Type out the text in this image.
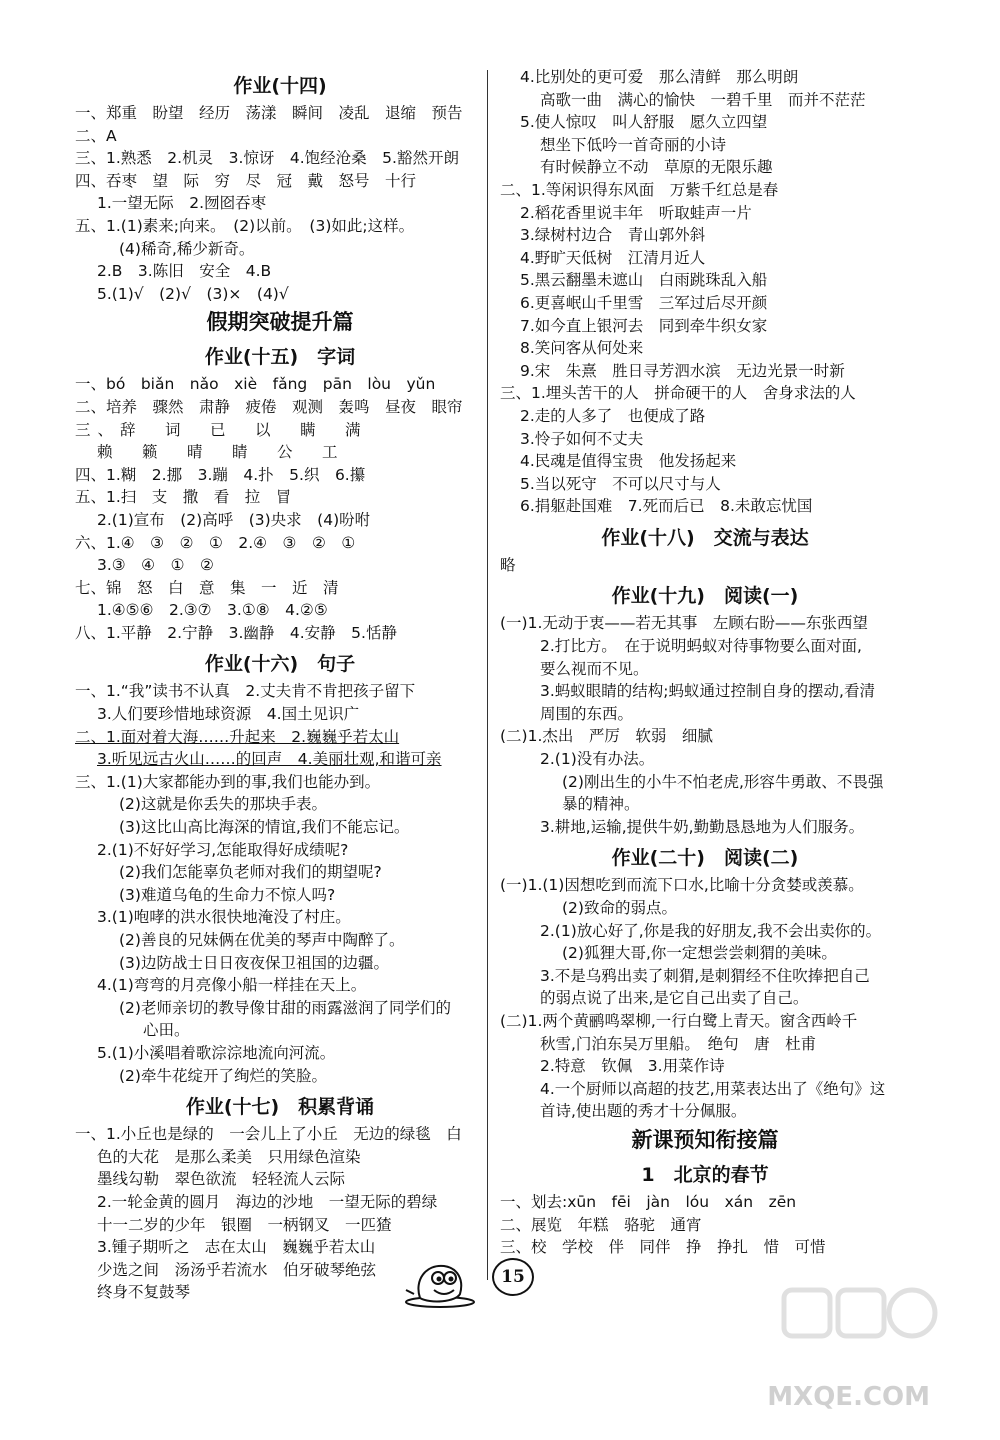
作业(十四)
一、郑重　盼望　经历　荡漾　瞬间　凌乱　退缩　预告
二、A
三、1.熟悉　2.机灵　3.惊讶　4.饱经沧桑　5.豁然开朗
四、吞枣　望　际　穷　尽　冠　戴　怒号　十行
1.一望无际　2.囫囵吞枣
五、1.(1)素来;向来。　(2)以前。　(3)如此;这样。
(4)稀奇,稀少新奇。
2.B　3.陈旧　安全　4.B
5.(1)√　(2)√　(3)×　(4)√
假期突破提升篇
作业(十五)　字词
一、bó　biǎn　nǎo　xiè　fǎng　pān　lòu　yǔn
二、培养　骤然　肃静　疲倦　观测　轰鸣　昼夜　眼帘
三、辞　词　已　以　瞒　满
赖　籁　晴　睛　公　工
四、1.糊　2.挪　3.蹦　4.扑　5.织　6.攥
五、1.扫　支　撒　看　拉　冒
2.(1)宣布　(2)高呼　(3)央求　(4)吩咐
六、1.④　③　②　①　2.④　③　②　①
3.③　④　①　②
七、锦　怒　白　意　集　一　近　清
1.④⑤⑥　2.③⑦　3.①⑧　4.②⑤
八、1.平静　2.宁静　3.幽静　4.安静　5.恬静
作业(十六)　句子
一、1.“我”读书不认真　2.丈夫肯不肯把孩子留下
3.人们要珍惜地球资源　4.国土见识广
二、1.面对着大海……升起来　2.巍巍乎若太山
3.听见远古火山……的回声　4.美丽壮观,和谐可亲
三、1.(1)大家都能办到的事,我们也能办到。
(2)这就是你丢失的那块手表。
(3)这比山高比海深的情谊,我们不能忘记。
2.(1)不好好学习,怎能取得好成绩呢?
(2)我们怎能辜负老师对我们的期望呢?
(3)难道乌龟的生命力不惊人吗?
3.(1)咆哮的洪水很快地淹没了村庄。
(2)善良的兄妹俩在优美的琴声中陶醉了。
(3)边防战士日日夜夜保卫祖国的边疆。
4.(1)弯弯的月亮像小船一样挂在天上。
(2)老师亲切的教导像甘甜的雨露滋润了同学们的
心田。
5.(1)小溪唱着歌淙淙地流向河流。
(2)牵牛花绽开了绚烂的笑脸。
作业(十七)　积累背诵
一、1.小丘也是绿的　一会儿上了小丘　无边的绿毯　白
色的大花　是那么柔美　只用绿色渲染
墨线勾勒　翠色欲流　轻轻流人云际
2.一轮金黄的圆月　海边的沙地　一望无际的碧绿
十一二岁的少年　银圈　一柄钢叉　一匹猹
3.锺子期听之　志在太山　巍巍乎若太山
少选之间　汤汤乎若流水　伯牙破琴绝弦
终身不复鼓琴
4.比别处的更可爱　那么清鲜　那么明朗
高歌一曲　满心的愉快　一碧千里　而并不茫茫
5.使人惊叹　叫人舒服　愿久立四望
想坐下低吟一首奇丽的小诗
有时候静立不动　草原的无限乐趣
二、1.等闲识得东风面　万紫千红总是春
2.稻花香里说丰年　听取蛙声一片
3.绿树村边合　青山郭外斜
4.野旷天低树　江清月近人
5.黑云翻墨未遮山　白雨跳珠乱入船
6.更喜岷山千里雪　三军过后尽开颜
7.如今直上银河去　同到牵牛织女家
8.笑问客从何处来
9.宋　朱熹　胜日寻芳泗水滨　无边光景一时新
三、1.埋头苦干的人　拼命硬干的人　舍身求法的人
2.走的人多了　也便成了路
3.怜子如何不丈夫
4.民魂是值得宝贵　他发扬起来
5.当以死守　不可以尺寸与人
6.捐躯赴国难　7.死而后已　8.未敢忘忧国
作业(十八)　交流与表达
略
作业(十九)　阅读(一)
(一)1.无动于衷——若无其事　左顾右盼——东张西望
2.打比方。　在于说明蚂蚁对待事物要么面对面,
要么视而不见。
3.蚂蚁眼睛的结构;蚂蚁通过控制自身的摆动,看清
周围的东西。
(二)1.杰出　严厉　软弱　细腻
2.(1)没有办法。
(2)刚出生的小牛不怕老虎,形容牛勇敢、不畏强
暴的精神。
3.耕地,运输,提供牛奶,勤勤恳恳地为人们服务。
作业(二十)　阅读(二)
(一)1.(1)因想吃到而流下口水,比喻十分贪婪或羡慕。
(2)致命的弱点。
2.(1)放心好了,你是我的好朋友,我不会出卖你的。
(2)狐狸大哥,你一定想尝尝刺猬的美味。
3.不是乌鸦出卖了刺猬,是刺猬经不住吹捧把自己
的弱点说了出来,是它自己出卖了自己。
(二)1.两个黄鹂鸣翠柳,一行白鹭上青天。窗含西岭千
秋雪,门泊东吴万里船。　绝句　唐　杜甫
2.特意　钦佩　3.用菜作诗
4.一个厨师以高超的技艺,用菜表达出了《绝句》这
首诗,使出题的秀才十分佩服。
新课预知衔接篇
1　北京的春节
一、划去:xūn　fēi　jàn　lóu　xán　zēn
二、展览　年糕　骆驼　通宵
三、校　学校　伴　同伴　挣　挣扎　惜　可惜
15
MXQE.COM
